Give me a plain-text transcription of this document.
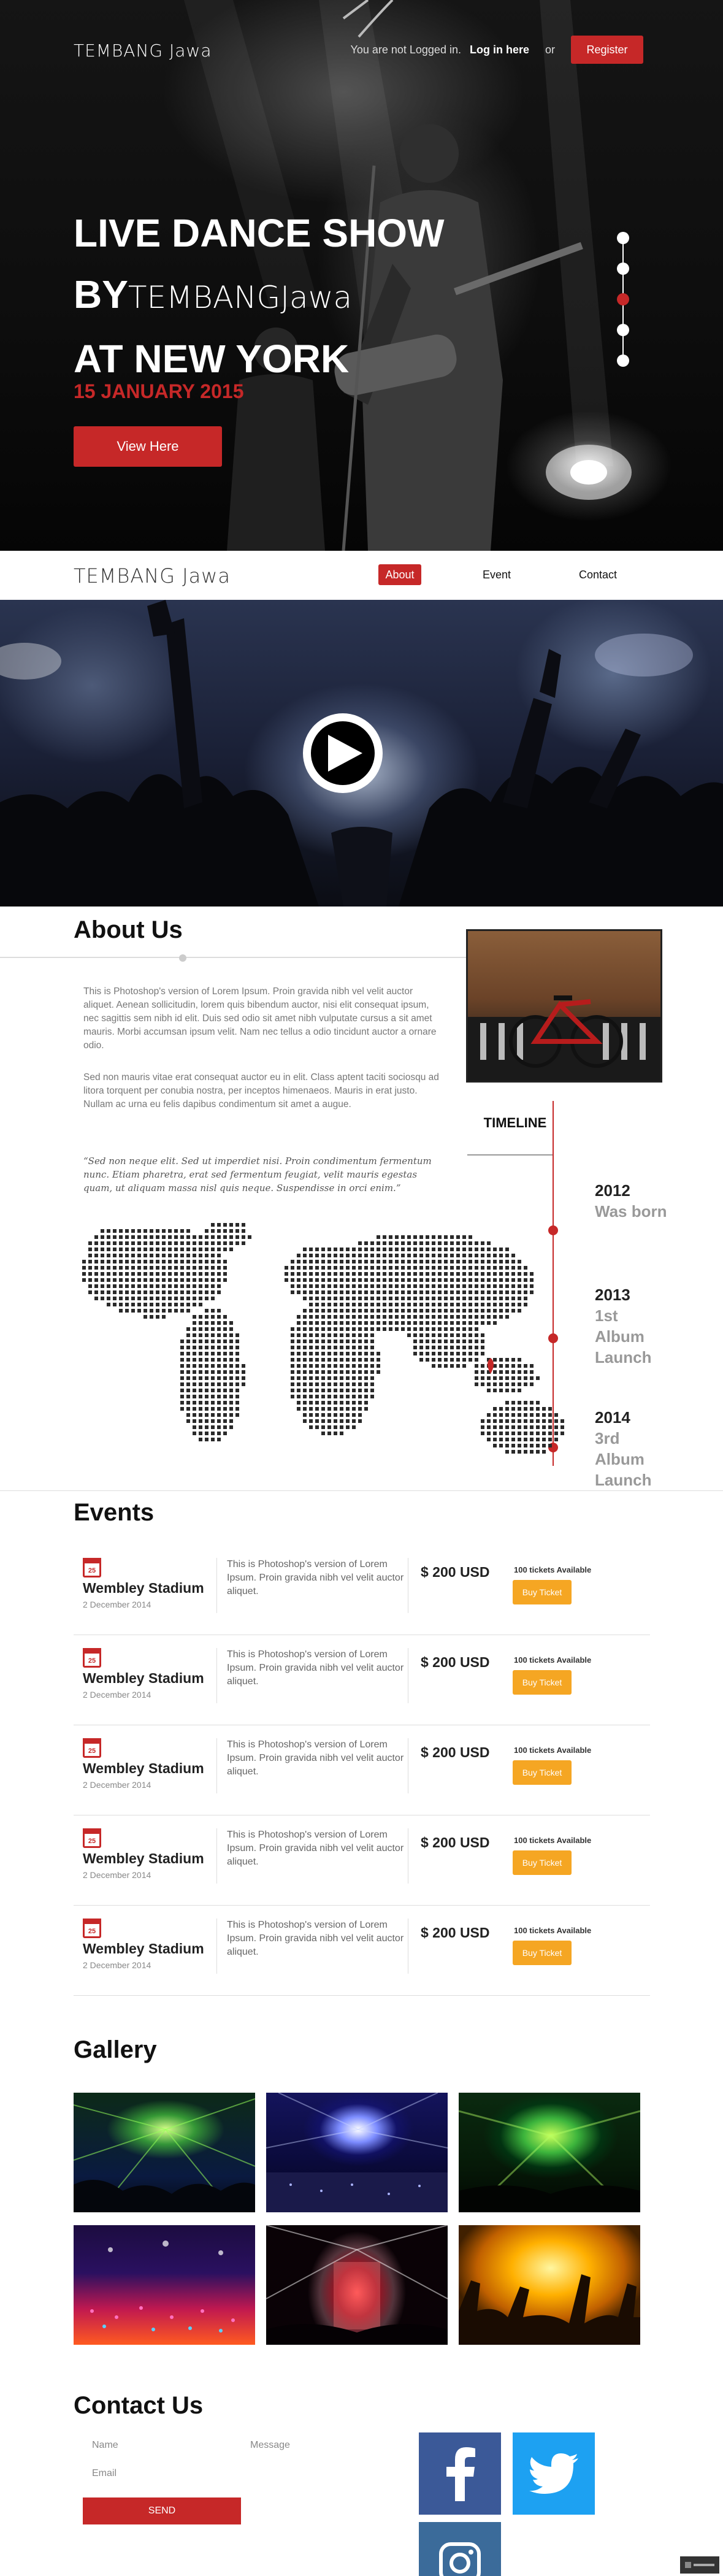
TEMBANG Jawa	You are not Logged in. Log in here or	Register
LIVE DANCE SHOW
BYTEMBANGJawa
AT NEW YORK
15 JANUARY 2015
View Here
TEMBANG Jawa	About	Event	Contact
About Us

This is Photoshop's version of Lorem Ipsum. Proin gravida nibh vel velit auctor aliquet. Aenean sollicitudin, lorem quis bibendum auctor, nisi elit consequat ipsum, nec sagittis sem nibh id elit. Duis sed odio sit amet nibh vulputate cursus a sit amet mauris. Morbi accumsan ipsum velit. Nam nec tellus a odio tincidunt auctor a ornare odio.

Sed non mauris vitae erat consequat auctor eu in elit. Class aptent taciti sociosqu ad litora torquent per conubia nostra, per inceptos himenaeos. Mauris in erat justo. Nullam ac urna eu felis dapibus condimentum sit amet a augue.

“Sed non neque elit. Sed ut imperdiet nisi. Proin condimentum fermentum nunc. Etiam pharetra, erat sed fermentum feugiat, velit mauris egestas quam, ut aliquam massa nisl quis neque. Suspendisse in orci enim.”

TIMELINE
2012
Was born
2013
1st Album Launch
2014
3rd Album Launch
Events
25
Wembley Stadium
2 December 2014
This is Photoshop's version of Lorem Ipsum. Proin gravida nibh vel velit auctor aliquet.
$ 200 USD	100 tickets Available
Buy Ticket
25
Wembley Stadium
2 December 2014
This is Photoshop's version of Lorem Ipsum. Proin gravida nibh vel velit auctor aliquet.
$ 200 USD	100 tickets Available
Buy Ticket
25
Wembley Stadium
2 December 2014
This is Photoshop's version of Lorem Ipsum. Proin gravida nibh vel velit auctor aliquet.
$ 200 USD	100 tickets Available
Buy Ticket
25
Wembley Stadium
2 December 2014
This is Photoshop's version of Lorem Ipsum. Proin gravida nibh vel velit auctor aliquet.
$ 200 USD	100 tickets Available
Buy Ticket
25
Wembley Stadium
2 December 2014
This is Photoshop's version of Lorem Ipsum. Proin gravida nibh vel velit auctor aliquet.
$ 200 USD	100 tickets Available
Buy Ticket
Gallery
Contact Us
Name	Message
Email
SEND
